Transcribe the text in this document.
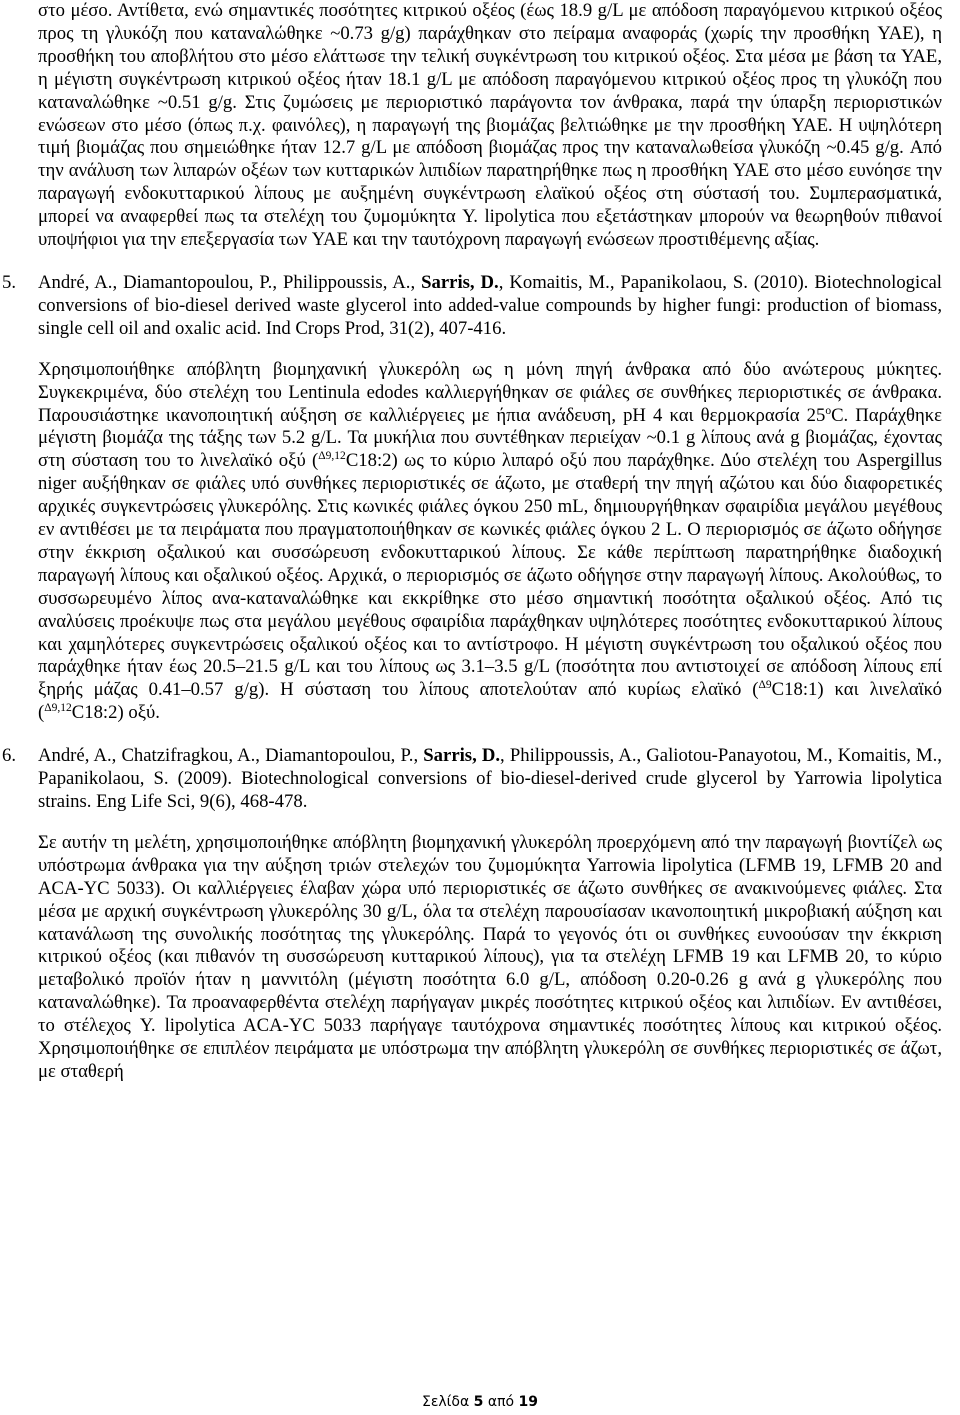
στο μέσο. Αντίθετα, ενώ σημαντικές ποσότητες κιτρικού οξέος (έως 18.9 g/L με απόδοση παραγόμενου κιτρικού οξέος προς τη γλυκόζη που καταναλώθηκε ~0.73 g/g) παράχθηκαν στο πείραμα αναφοράς (χωρίς την προσθήκη YAE), η προσθήκη του αποβλήτου στο μέσο ελάττωσε την τελική συγκέντρωση του κιτρικού οξέος. Στα μέσα με βάση τα YAE, η μέγιστη συγκέντρωση κιτρικού οξέος ήταν 18.1 g/L με απόδοση παραγόμενου κιτρικού οξέος προς τη γλυκόζη που καταναλώθηκε ~0.51 g/g. Στις ζυμώσεις με περιοριστικό παράγοντα τον άνθρακα, παρά την ύπαρξη περιοριστικών ενώσεων στο μέσο (όπως π.χ. φαινόλες), η παραγωγή της βιομάζας βελτιώθηκε με την προσθήκη YAE. Η υψηλότερη τιμή βιομάζας που σημειώθηκε ήταν 12.7 g/L με απόδοση βιομάζας προς την καταναλωθείσα γλυκόζη ~0.45 g/g. Από την ανάλυση των λιπαρών οξέων των κυτταρικών λιπιδίων παρατηρήθηκε πως η προσθήκη YAE στο μέσο ευνόησε την παραγωγή ενδοκυτταρικού λίπους με αυξημένη συγκέντρωση ελαϊκού οξέος στη σύστασή του. Συμπερασματικά, μπορεί να αναφερθεί πως τα στελέχη του ζυμομύκητα Y. lipolytica που εξετάστηκαν μπορούν να θεωρηθούν πιθανοί υποψήφιοι για την επεξεργασία των YAE και την ταυτόχρονη παραγωγή ενώσεων προστιθέμενης αξίας.

5.	André, A., Diamantopoulou, P., Philippoussis, A., Sarris, D., Komaitis, M., Papanikolaou, S. (2010). Biotechnological conversions of bio-diesel derived waste glycerol into added-value compounds by higher fungi: production of biomass, single cell oil and oxalic acid. Ind Crops Prod, 31(2), 407-416.

Χρησιμοποιήθηκε απόβλητη βιομηχανική γλυκερόλη ως η μόνη πηγή άνθρακα από δύο ανώτερους μύκητες. Συγκεκριμένα, δύο στελέχη του Lentinula edodes καλλιεργήθηκαν σε φιάλες σε συνθήκες περιοριστικές σε άνθρακα. Παρουσιάστηκε ικανοποιητική αύξηση σε καλλιέργειες με ήπια ανάδευση, pH 4 και θερμοκρασία 25$^o$C. Παράχθηκε μέγιστη βιομάζα της τάξης των 5.2 g/L. Τα μυκήλια που συντέθηκαν περιείχαν ~0.1 g λίπους ανά g βιομάζας, έχοντας στη σύσταση του το λινελαϊκό οξύ ($^{\Delta 9,12}$C18:2) ως το κύριο λιπαρό οξύ που παράχθηκε. Δύο στελέχη του Aspergillus niger αυξήθηκαν σε φιάλες υπό συνθήκες περιοριστικές σε άζωτο, με σταθερή την πηγή αζώτου και δύο διαφορετικές αρχικές συγκεντρώσεις γλυκερόλης. Στις κωνικές φιάλες όγκου 250 mL, δημιουργήθηκαν σφαιρίδια μεγάλου μεγέθους εν αντιθέσει με τα πειράματα που πραγματοποιήθηκαν σε κωνικές φιάλες όγκου 2 L. Ο περιορισμός σε άζωτο οδήγησε στην έκκριση οξαλικού και συσσώρευση ενδοκυτταρικού λίπους. Σε κάθε περίπτωση παρατηρήθηκε διαδοχική παραγωγή λίπους και οξαλικού οξέος. Αρχικά, ο περιορισμός σε άζωτο οδήγησε στην παραγωγή λίπους. Ακολούθως, το συσσωρευμένο λίπος ανα-καταναλώθηκε και εκκρίθηκε στο μέσο σημαντική ποσότητα οξαλικού οξέος. Από τις αναλύσεις προέκυψε πως στα μεγάλου μεγέθους σφαιρίδια παράχθηκαν υψηλότερες ποσότητες ενδοκυτταρικού λίπους και χαμηλότερες συγκεντρώσεις οξαλικού οξέος και το αντίστροφο. Η μέγιστη συγκέντρωση του οξαλικού οξέος που παράχθηκε ήταν έως 20.5–21.5 g/L και του λίπους ως 3.1–3.5 g/L (ποσότητα που αντιστοιχεί σε απόδοση λίπους επί ξηρής μάζας 0.41–0.57 g/g). Η σύσταση του λίπους αποτελούταν από κυρίως ελαϊκό ($^{\Delta 9}$C18:1) και λινελαϊκό ($^{\Delta 9,12}$C18:2) οξύ.

6.	André, A., Chatzifragkou, A., Diamantopoulou, P., Sarris, D., Philippoussis, A., Galiotou-Panayotou, M., Komaitis, M., Papanikolaou, S. (2009). Biotechnological conversions of bio-diesel-derived crude glycerol by Yarrowia lipolytica strains. Eng Life Sci, 9(6), 468-478.

Σε αυτήν τη μελέτη, χρησιμοποιήθηκε απόβλητη βιομηχανική γλυκερόλη προερχόμενη από την παραγωγή βιοντίζελ ως υπόστρωμα άνθρακα για την αύξηση τριών στελεχών του ζυμομύκητα Yarrowia lipolytica (LFMB 19, LFMB 20 and ACA-YC 5033). Οι καλλιέργειες έλαβαν χώρα υπό περιοριστικές σε άζωτο συνθήκες σε ανακινούμενες φιάλες. Στα μέσα με αρχική συγκέντρωση γλυκερόλης 30 g/L, όλα τα στελέχη παρουσίασαν ικανοποιητική μικροβιακή αύξηση και κατανάλωση της συνολικής ποσότητας της γλυκερόλης. Παρά το γεγονός ότι οι συνθήκες ευνοούσαν την έκκριση κιτρικού οξέος (και πιθανόν τη συσσώρευση κυτταρικού λίπους), για τα στελέχη LFMB 19 και LFMB 20, το κύριο μεταβολικό προϊόν ήταν η μαννιτόλη (μέγιστη ποσότητα 6.0 g/L, απόδοση 0.20-0.26 g ανά g γλυκερόλης που καταναλώθηκε). Τα προαναφερθέντα στελέχη παρήγαγαν μικρές ποσότητες κιτρικού οξέος και λιπιδίων. Εν αντιθέσει, το στέλεχος Y. lipolytica ACA-YC 5033 παρήγαγε ταυτόχρονα σημαντικές ποσότητες λίπους και κιτρικού οξέος. Χρησιμοποιήθηκε σε επιπλέον πειράματα με υπόστρωμα την απόβλητη γλυκερόλη σε συνθήκες περιοριστικές σε άζωτ, με σταθερή

Σελίδα 5 από 19
